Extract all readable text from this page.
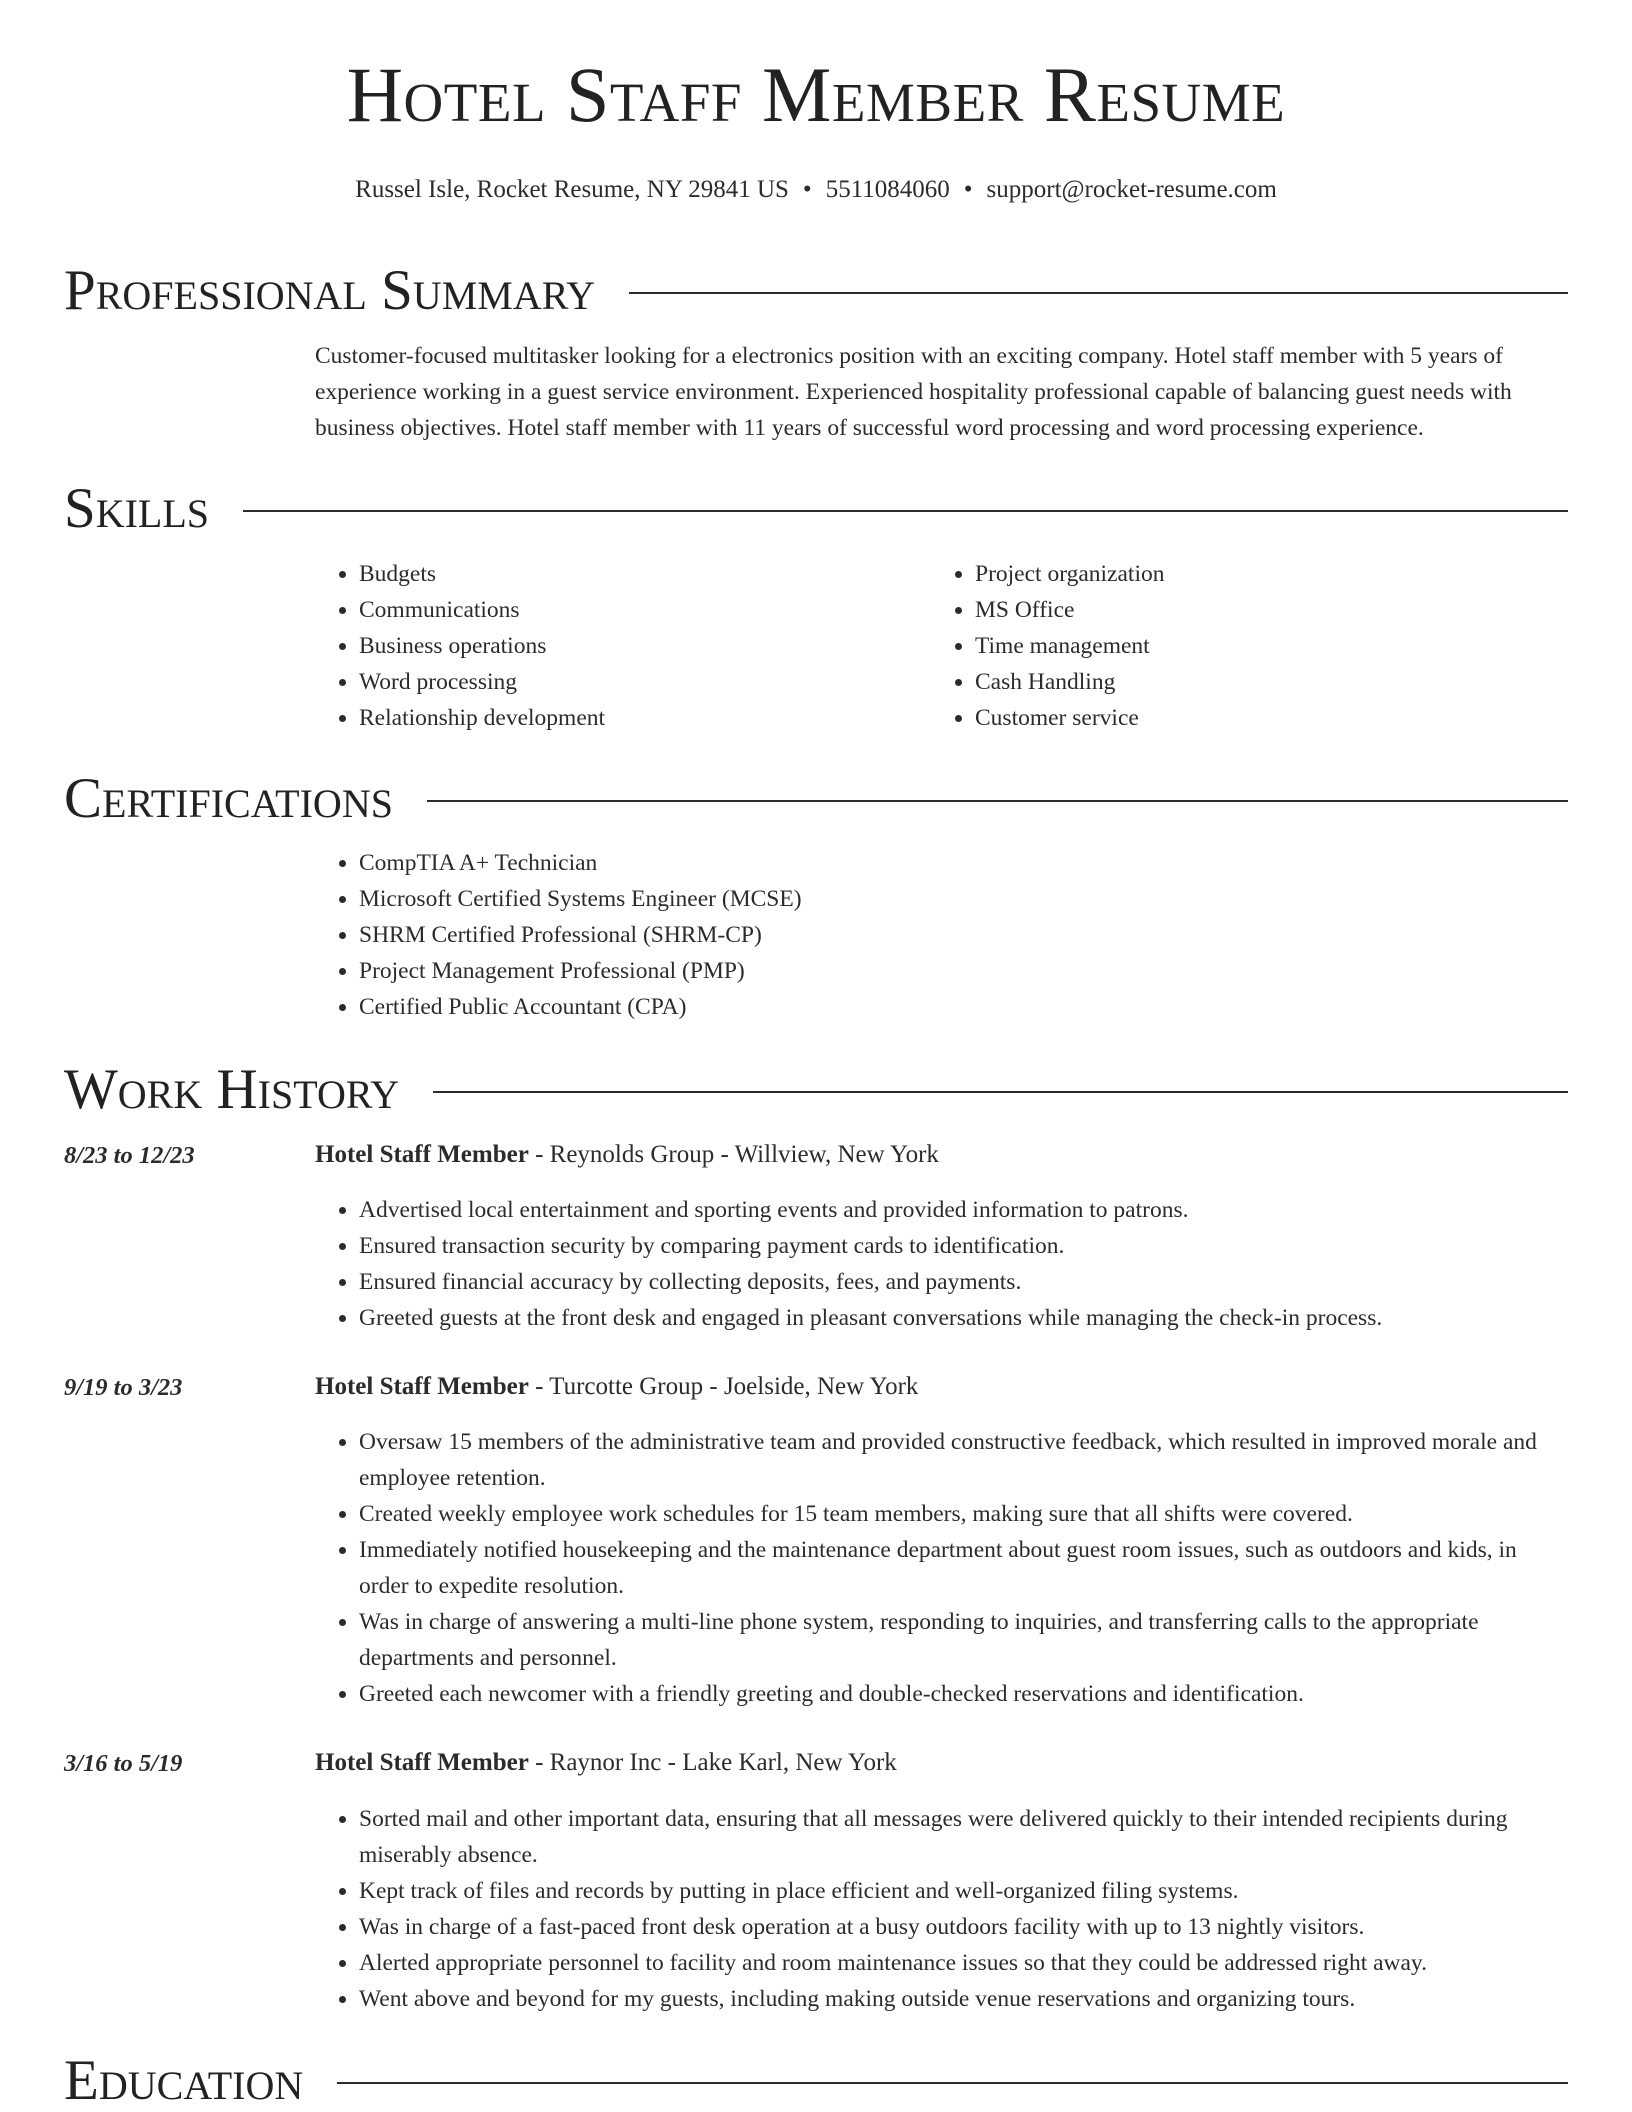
Hotel Staff Member Resume
Russel Isle, Rocket Resume, NY 29841 US • 5511084060 • support@rocket-resume.com
Professional Summary

Customer-focused multitasker looking for a electronics position with an exciting company. Hotel staff member with 5 years of experience working in a guest service environment. Experienced hospitality professional capable of balancing guest needs with business objectives. Hotel staff member with 11 years of successful word processing and word processing experience.

Skills
• Budgets
• Communications
• Business operations
• Word processing
• Relationship development
• Project organization
• MS Office
• Time management
• Cash Handling
• Customer service
Certifications
• CompTIA A+ Technician
• Microsoft Certified Systems Engineer (MCSE)
• SHRM Certified Professional (SHRM-CP)
• Project Management Professional (PMP)
• Certified Public Accountant (CPA)
Work History
8/23 to 12/23	Hotel Staff Member - Reynolds Group - Willview, New York
• Advertised local entertainment and sporting events and provided information to patrons.
• Ensured transaction security by comparing payment cards to identification.
• Ensured financial accuracy by collecting deposits, fees, and payments.
• Greeted guests at the front desk and engaged in pleasant conversations while managing the check-in process.
9/19 to 3/23	Hotel Staff Member - Turcotte Group - Joelside, New York
• Oversaw 15 members of the administrative team and provided constructive feedback, which resulted in improved morale and employee retention.
• Created weekly employee work schedules for 15 team members, making sure that all shifts were covered.
• Immediately notified housekeeping and the maintenance department about guest room issues, such as outdoors and kids, in order to expedite resolution.
• Was in charge of answering a multi-line phone system, responding to inquiries, and transferring calls to the appropriate departments and personnel.
• Greeted each newcomer with a friendly greeting and double-checked reservations and identification.
3/16 to 5/19	Hotel Staff Member - Raynor Inc - Lake Karl, New York
• Sorted mail and other important data, ensuring that all messages were delivered quickly to their intended recipients during miserably absence.
• Kept track of files and records by putting in place efficient and well-organized filing systems.
• Was in charge of a fast-paced front desk operation at a busy outdoors facility with up to 13 nightly visitors.
• Alerted appropriate personnel to facility and room maintenance issues so that they could be addressed right away.
• Went above and beyond for my guests, including making outside venue reservations and organizing tours.
Education
